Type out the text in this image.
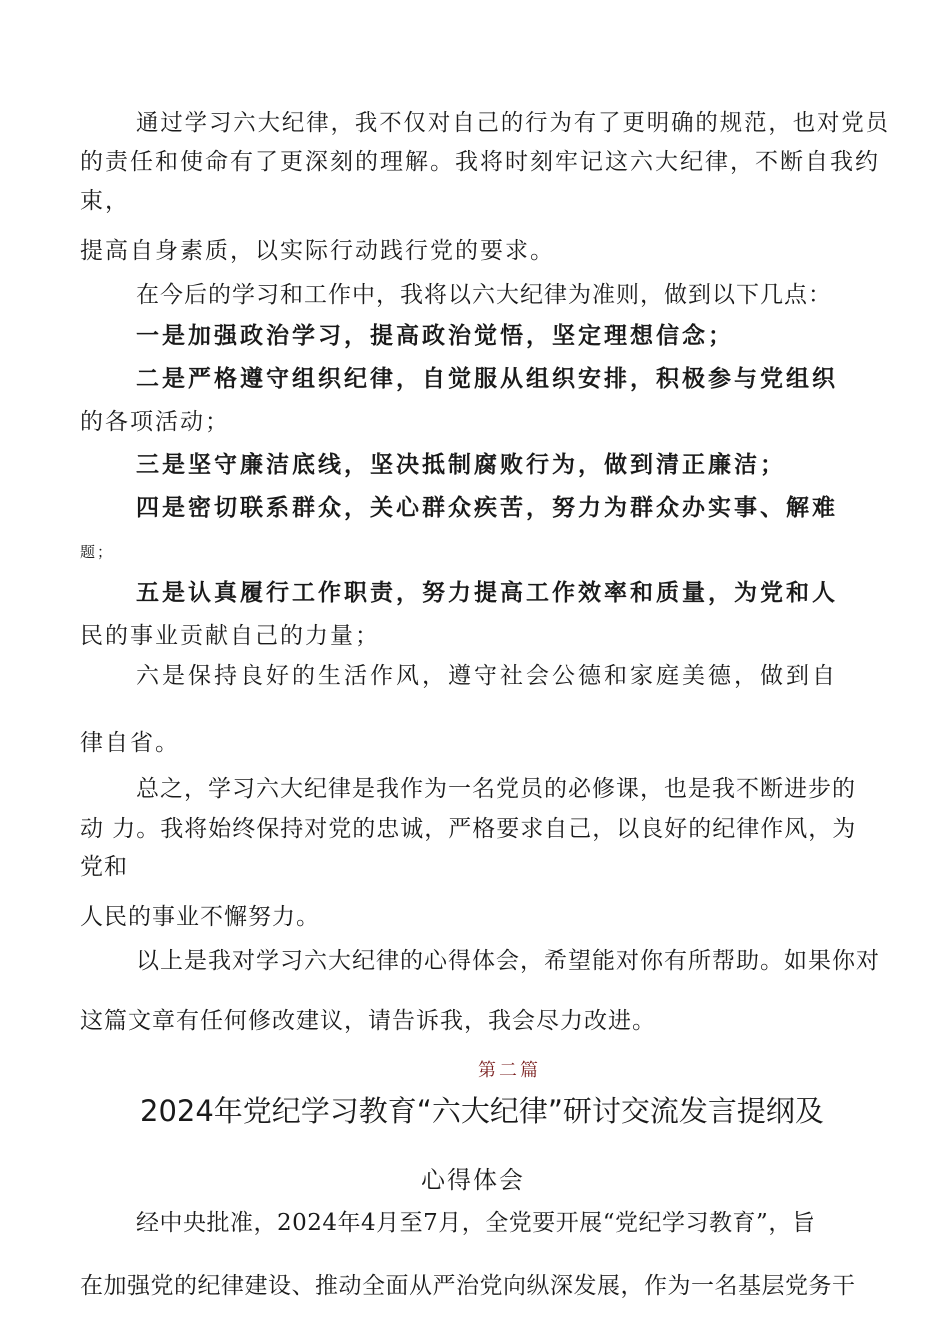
通过学习六大纪律，我不仅对自己的行为有了更明确的规范，也对党员
的责任和使命有了更深刻的理解。我将时刻牢记这六大纪律，不断自我约
束，
提高自身素质，以实际行动践行党的要求。
在今后的学习和工作中，我将以六大纪律为准则，做到以下几点：
一是加强政治学习，提高政治觉悟，坚定理想信念；
二是严格遵守组织纪律，自觉服从组织安排，积极参与党组织
的各项活动；
三是坚守廉洁底线，坚决抵制腐败行为，做到清正廉洁；
四是密切联系群众，关心群众疾苦，努力为群众办实事、解难
题；
五是认真履行工作职责，努力提高工作效率和质量，为党和人
民的事业贡献自己的力量；
六是保持良好的生活作风，遵守社会公德和家庭美德，做到自
律自省。
总之，学习六大纪律是我作为一名党员的必修课，也是我不断进步的
动 力。我将始终保持对党的忠诚，严格要求自己，以良好的纪律作风，为
党和
人民的事业不懈努力。
以上是我对学习六大纪律的心得体会，希望能对你有所帮助。如果你对
这篇文章有任何修改建议，请告诉我，我会尽力改进。
第二篇
2024年党纪学习教育“六大纪律”研讨交流发言提纲及
心得体会
经中央批准，2024年4月至7月，全党要开展“党纪学习教育”，旨
在加强党的纪律建设、推动全面从严治党向纵深发展，作为一名基层党务干
